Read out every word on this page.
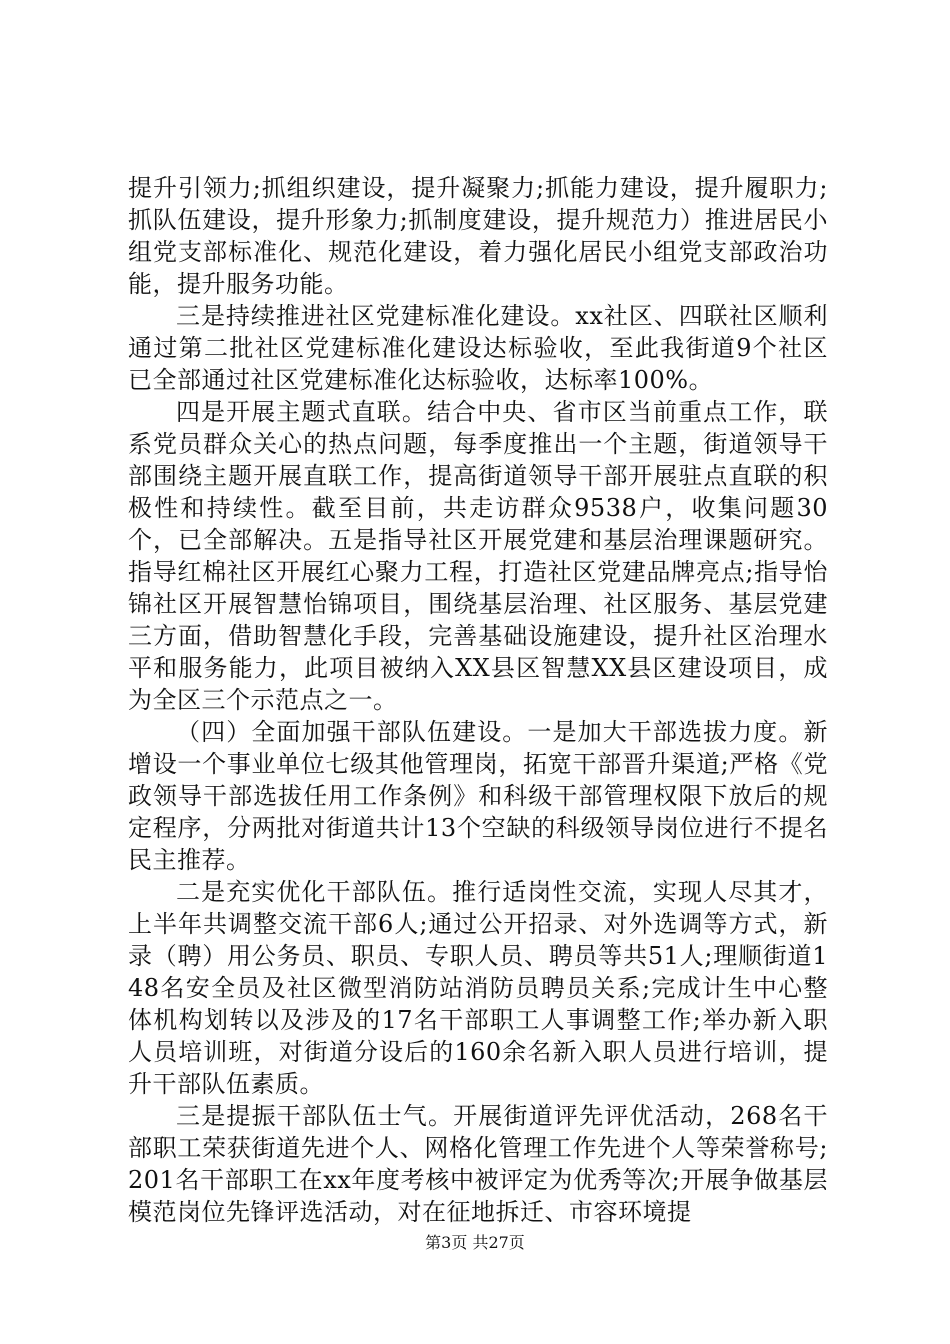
提升引领力;抓组织建设，提升凝聚力;抓能力建设，提升履职力;抓队伍建设，提升形象力;抓制度建设，提升规范力）推进居民小组党支部标准化、规范化建设，着力强化居民小组党支部政治功能，提升服务功能。

三是持续推进社区党建标准化建设。xx社区、四联社区顺利通过第二批社区党建标准化建设达标验收，至此我街道9个社区已全部通过社区党建标准化达标验收，达标率100%。

四是开展主题式直联。结合中央、省市区当前重点工作，联系党员群众关心的热点问题，每季度推出一个主题，街道领导干部围绕主题开展直联工作，提高街道领导干部开展驻点直联的积极性和持续性。截至目前，共走访群众9538户，收集问题30个，已全部解决。五是指导社区开展党建和基层治理课题研究。指导红棉社区开展红心聚力工程，打造社区党建品牌亮点;指导怡锦社区开展智慧怡锦项目，围绕基层治理、社区服务、基层党建三方面，借助智慧化手段，完善基础设施建设，提升社区治理水平和服务能力，此项目被纳入XX县区智慧XX县区建设项目，成为全区三个示范点之一。

（四）全面加强干部队伍建设。一是加大干部选拔力度。新增设一个事业单位七级其他管理岗，拓宽干部晋升渠道;严格《党政领导干部选拔任用工作条例》和科级干部管理权限下放后的规定程序，分两批对街道共计13个空缺的科级领导岗位进行不提名民主推荐。

二是充实优化干部队伍。推行适岗性交流，实现人尽其才，上半年共调整交流干部6人;通过公开招录、对外选调等方式，新录（聘）用公务员、职员、专职人员、聘员等共51人;理顺街道148名安全员及社区微型消防站消防员聘员关系;完成计生中心整体机构划转以及涉及的17名干部职工人事调整工作;举办新入职人员培训班，对街道分设后的160余名新入职人员进行培训，提升干部队伍素质。

三是提振干部队伍士气。开展街道评先评优活动，268名干部职工荣获街道先进个人、网格化管理工作先进个人等荣誉称号;201名干部职工在xx年度考核中被评定为优秀等次;开展争做基层模范岗位先锋评选活动，对在征地拆迁、市容环境提

第3页 共27页
